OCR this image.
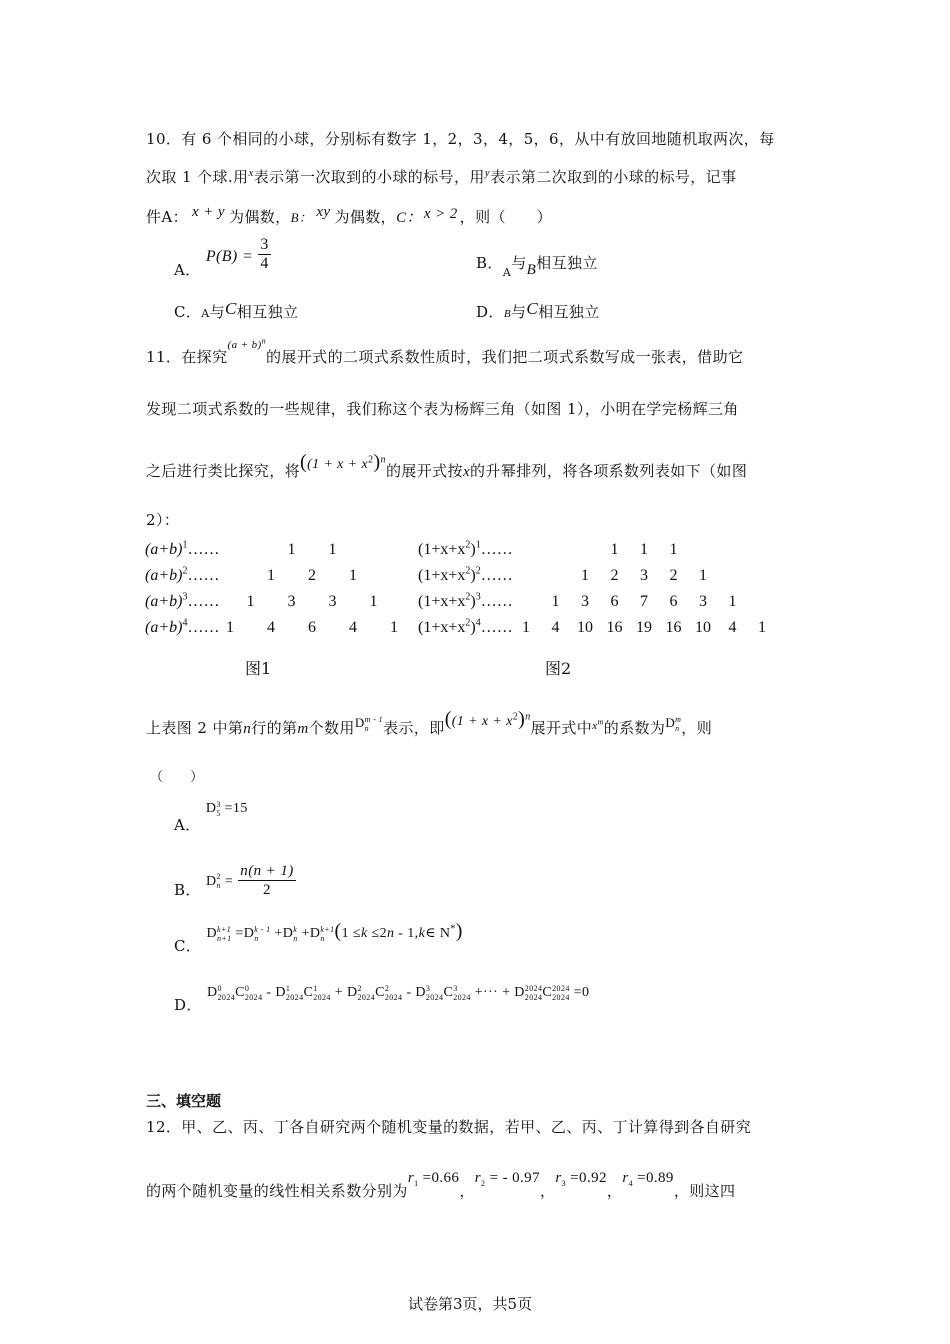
10．有 6 个相同的小球，分别标有数字 1，2，3，4，5，6，从中有放回地随机取两次，每
次取 1 个球.用$^x$表示第一次取到的小球的标号，用$^y$表示第二次取到的小球的标号，记事
件A： x + y 为偶数，B： xy 为偶数，C： x > 2 ，则（　　）
A． $P(B) = \frac{3}{4}$	B．$_A$与B相互独立
C．A与C相互独立	D．B与C相互独立
11．在探究$^{(a + b)^n}$的展开式的二项式系数性质时，我们把二项式系数写成一张表，借助它
发现二项式系数的一些规律，我们称这个表为杨辉三角（如图 1），小明在学完杨辉三角
之后进行类比探究，将($(1 + x + x^2)^n$的展开式按x的升幂排列，将各项系数列表如下（如图
2）：
$(a+b)^1\dots\dots$	1 1
$(a+b)^2\dots\dots$	1 2 1
$(a+b)^3\dots\dots$ 1 3 3 1
$(a+b)^4\dots\dots$ 1 4 6 4 1
$(1+x+x^2)^1\dots\dots$	1 1 1
$(1+x+x^2)^2\dots\dots$	1 2 3 2 1
$(1+x+x^2)^3\dots\dots$ 1 3 6 7 6 3 1
$(1+x+x^2)^4\dots\dots$ 1 4 10 16 19 16 10 4 1
图1	图2
上表图 2 中第n行的第m个数用D m - 1
n 表示，即($(1 + x + x^2)^n$展开式中$^{x^m}$的系数为D m
n ，则
（　　）
A． D 3
5 =15
B． D 2
$n = \frac{n(n + 1)}{2}$
C． D k+1
n+1 =D k - 1
n +D k
n +D k+1
n (1 ≤k ≤2n - 1,k∈ N*)
D． D 0
2024 C 0
2024 - D 1
2024 C 1
2024 + D 2
2024 C 2
2024 - D 3
2024 C 3
2024 +··· + D 2024
2024 C 2024
2024 =0
三、填空题
12．甲、乙、丙、丁各自研究两个随机变量的数据，若甲、乙、丙、丁计算得到各自研究
的两个随机变量的线性相关系数分别为$r_1 =0.66$，$r_2$ = - 0.97，$r_3 =0.92$，$r_4 =0.89$，则这四
试卷第3页，共5页
